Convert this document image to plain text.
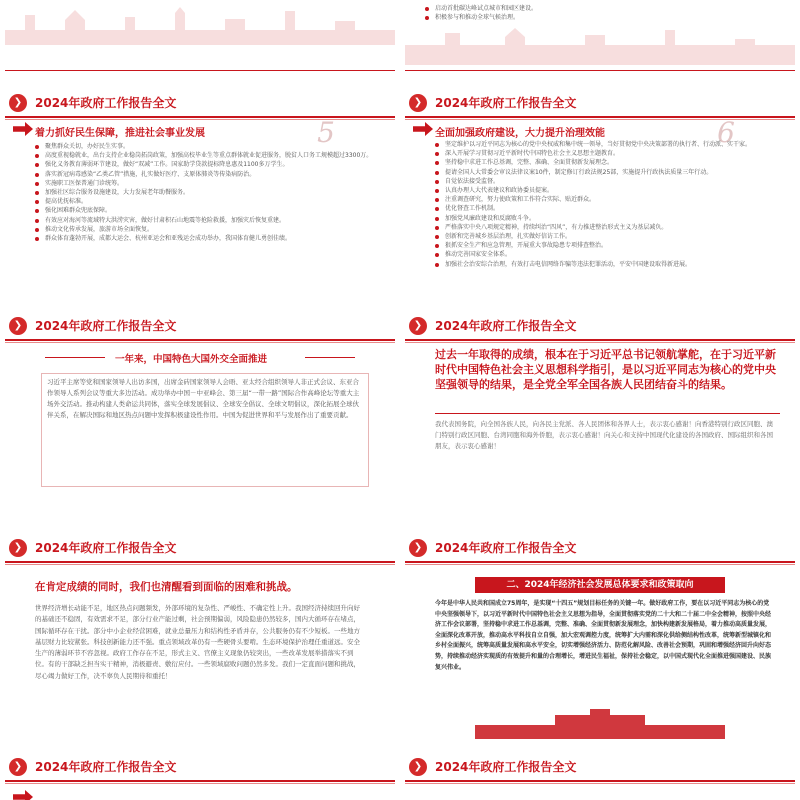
启动首批碳达峰试点城市和园区建设。
积极参与和推动全球气候治理。
❯	2024年政府工作报告全文
着力抓好民生保障，推进社会事业发展	5
聚焦群众关切，办好民生实事。
高度重视稳就业，出台支持企业稳岗拓岗政策，加强高校毕业生等重点群体就业促进服务，脱贫人口务工规模超过3300万。
强化义务教育薄弱环节建设，做好“双减”工作。国家助学贷款提标降息惠及1100多万学生。
落实新冠病毒感染“乙类乙管”措施，扎实做好医疗、支原体肺炎等传染病防治。
实施职工医保普通门诊统筹。
加强社区综合服务设施建设，大力发展老年助餐服务。
提高优抚标准。
强化困难群众兜底保障。
有效应对海河等流域特大洪涝灾害，做好甘肃积石山地震等抢险救援，加强灾后恢复重建。
推动文化传承发展，旅游市场全面恢复。
群众体育蓬勃开展，成都大运会、杭州亚运会和亚残运会成功举办，我国体育健儿勇创佳绩。
❯	2024年政府工作报告全文
全面加强政府建设，大力提升治理效能	6
坚定维护以习近平同志为核心的党中央权威和集中统一领导，当好贯彻党中央决策部署的执行者、行动派、实干家。
深入开展学习贯彻习近平新时代中国特色社会主义思想主题教育。
坚持稳中求进工作总基调，完整、准确、全面贯彻新发展理念。
提请全国人大常委会审议法律议案10件，制定修订行政法规25部，实施提升行政执法质量三年行动。
自觉依法接受监督。
认真办理人大代表建议和政协委员提案。
注重调查研究，努力使政策和工作符合实际、贴近群众。
优化督查工作机制。
加强党风廉政建设和反腐败斗争。
严格落实中央八项规定精神，持续纠治“四风”，有力推进整治形式主义为基层减负。
创新和完善城乡基层治理，扎实做好信访工作。
狠抓安全生产和应急管理，开展重大事故隐患专项排查整治。
推动完善国家安全体系。
加强社会治安综合治理，有效打击电信网络诈骗等违法犯罪活动，平安中国建设取得新进展。
❯	2024年政府工作报告全文
一年来，中国特色大国外交全面推进
习近平主席等党和国家领导人出访多国，出席金砖国家领导人会晤、亚太经合组织领导人非正式会议、东亚合作领导人系列会议等重大多边活动。成功举办中国－中亚峰会、第三届“一带一路”国际合作高峰论坛等重大主场外交活动。推动构建人类命运共同体，落实全球发展倡议、全球安全倡议、全球文明倡议，深化拓展全球伙伴关系，在解决国际和地区热点问题中发挥积极建设性作用。中国为促进世界和平与发展作出了重要贡献。
❯	2024年政府工作报告全文
过去一年取得的成绩，根本在于习近平总书记领航掌舵，在于习近平新时代中国特色社会主义思想科学指引，是以习近平同志为核心的党中央坚强领导的结果，是全党全军全国各族人民团结奋斗的结果。
我代表国务院，向全国各族人民，向各民主党派、各人民团体和各界人士，表示衷心感谢！向香港特别行政区同胞、澳门特别行政区同胞、台湾同胞和海外侨胞，表示衷心感谢！向关心和支持中国现代化建设的各国政府、国际组织和各国朋友，表示衷心感谢！
❯	2024年政府工作报告全文
在肯定成绩的同时，我们也清醒看到面临的困难和挑战。
世界经济增长动能不足，地区热点问题频发，外部环境的复杂性、严峻性、不确定性上升。我国经济持续回升向好的基础还不稳固，有效需求不足，部分行业产能过剩，社会预期偏弱，风险隐患仍然较多，国内大循环存在堵点，国际循环存在干扰。部分中小企业经营困难，就业总量压力和结构性矛盾并存，公共服务仍有不少短板。一些地方基层财力比较紧张。科技创新能力还不强。重点领域改革仍有一些硬骨头要啃。生态环境保护治理任重道远。安全生产的薄弱环节不容忽视。政府工作存在不足，形式主义、官僚主义现象仍较突出，一些改革发展举措落实不到位。有的干部缺乏担当实干精神，消极避责、敷衍应付。一些领域腐败问题仍然多发。我们一定直面问题和挑战，尽心竭力做好工作，决不辜负人民期待和重托！
❯	2024年政府工作报告全文
二、2024年经济社会发展总体要求和政策取向
今年是中华人民共和国成立75周年，是实现“十四五”规划目标任务的关键一年。做好政府工作，要在以习近平同志为核心的党中央坚强领导下，以习近平新时代中国特色社会主义思想为指导，全面贯彻落实党的二十大和二十届二中全会精神，按照中央经济工作会议部署，坚持稳中求进工作总基调，完整、准确、全面贯彻新发展理念，加快构建新发展格局，着力推动高质量发展，全面深化改革开放，推动高水平科技自立自强，加大宏观调控力度，统筹扩大内需和深化供给侧结构性改革，统筹新型城镇化和乡村全面振兴，统筹高质量发展和高水平安全，切实增强经济活力、防范化解风险、改善社会预期，巩固和增强经济回升向好态势，持续推动经济实现质的有效提升和量的合理增长，增进民生福祉，保持社会稳定，以中国式现代化全面推进强国建设、民族复兴伟业。
❯	2024年政府工作报告全文	❯	2024年政府工作报告全文
